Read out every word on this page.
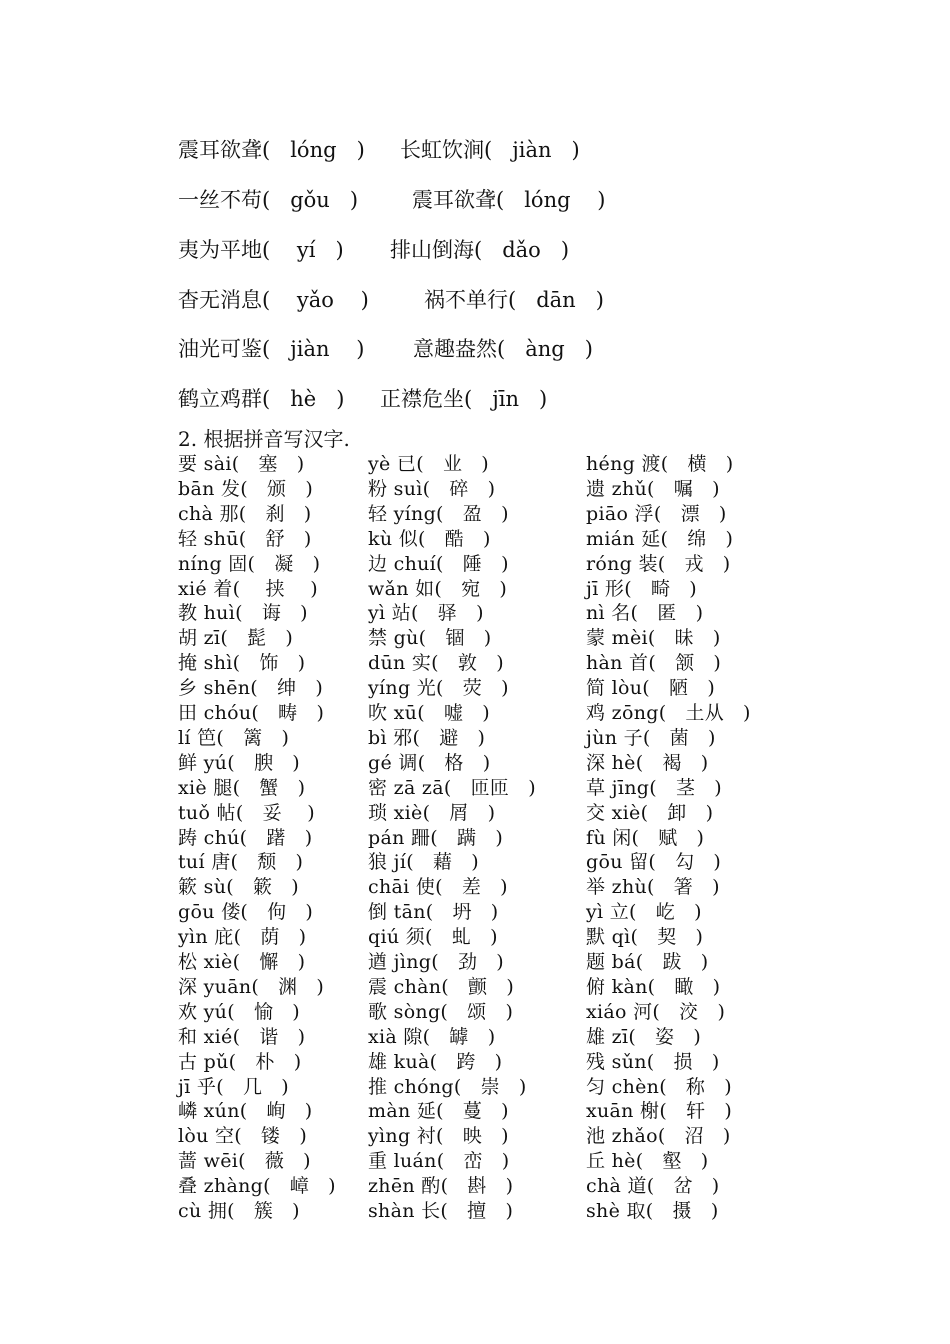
震耳欲聋(   lóng   ) 长虹饮涧(   jiàn   )
一丝不苟(   gǒu   )	震耳欲聋(   lóng    )
夷为平地(    yí   ) 排山倒海(   dǎo   )
杳无消息(    yǎo    )	祸不单行(   dān   )
油光可鉴(   jiàn    ) 意趣盎然(   àng   )
鹤立鸡群(   hè   ) 正襟危坐(   jīn   )
2. 根据拼音写汉字.
要 sài(   塞   )	yè 已(   业   )	héng 渡(   横   )
bān 发(   颁   )	粉 suì(   碎   )	遗 zhǔ(   嘱   )
chà 那(   刹   )	轻 yíng(   盈   )	piāo 浮(   漂   )
轻 shū(   舒   )	kù 似(   酷   )	mián 延(   绵   )
níng 固(   凝   )	边 chuí(   陲   )	róng 装(   戎   )
xié 着(    挟    )	wǎn 如(   宛   )	jī 形(   畸   )
教 huì(   诲   )	yì 站(   驿   )	nì 名(   匿   )
胡 zī(   髭   )	禁 gù(   锢   )	蒙 mèi(   昧   )
掩 shì(   饰   )	dūn 实(   敦   )	hàn 首(   颔   )
乡 shēn(   绅   ) yíng 光(   荧   )	简 lòu(   陋   )
田 chóu(   畴   ) 吹 xū(   嘘   )	鸡 zōng(   土从   )
lí 笆(   篱   )	bì 邪(   避   )	jùn 子(   菌   )
鲜 yú(   腴   )	gé 调(   格   )	深 hè(   褐   )
xiè 腿(   蟹   )	密 zā zā(   匝匝   )	草 jīng(   茎   )
tuǒ 帖(   妥    )	琐 xiè(   屑   )	交 xiè(   卸   )
踌 chú(   躇   )	pán 跚(   蹒   )	fù 闲(   赋   )
tuí 唐(   颓   )	狼 jí(   藉   )	gōu 留(   勾   )
簌 sù(   簌   )	chāi 使(   差   )	举 zhù(   箸   )
gōu 偻(   佝   )	倒 tān(   坍   )	yì 立(   屹   )
yìn 庇(   荫   )	qiú 须(   虬   )	默 qì(   契   )
松 xiè(   懈   )	遒 jìng(   劲   )	题 bá(   跋   )
深 yuān(   渊   ) 震 chàn(   颤   )	俯 kàn(   瞰   )
欢 yú(   愉   )	歌 sòng(   颂   )	xiáo 河(   洨   )
和 xié(   谐   )	xià 隙(   罅   )	雄 zī(   姿   )
古 pǔ(   朴   )	雄 kuà(   跨   )	残 sǔn(   损   )
jī 乎(   几   )	推 chóng(   崇   )	匀 chèn(   称   )
嶙 xún(   峋   )	màn 延(   蔓   )	xuān 榭(   轩   )
lòu 空(   镂   )	yìng 衬(   映   )	池 zhǎo(   沼   )
蔷 wēi(   薇   )	重 luán(   峦   )	丘 hè(   壑   )
叠 zhàng(   嶂   ) zhēn 酌(   斟   )	chà 道(   岔   )
cù 拥(   簇   )	shàn 长(   擅   )	shè 取(   摄   )
